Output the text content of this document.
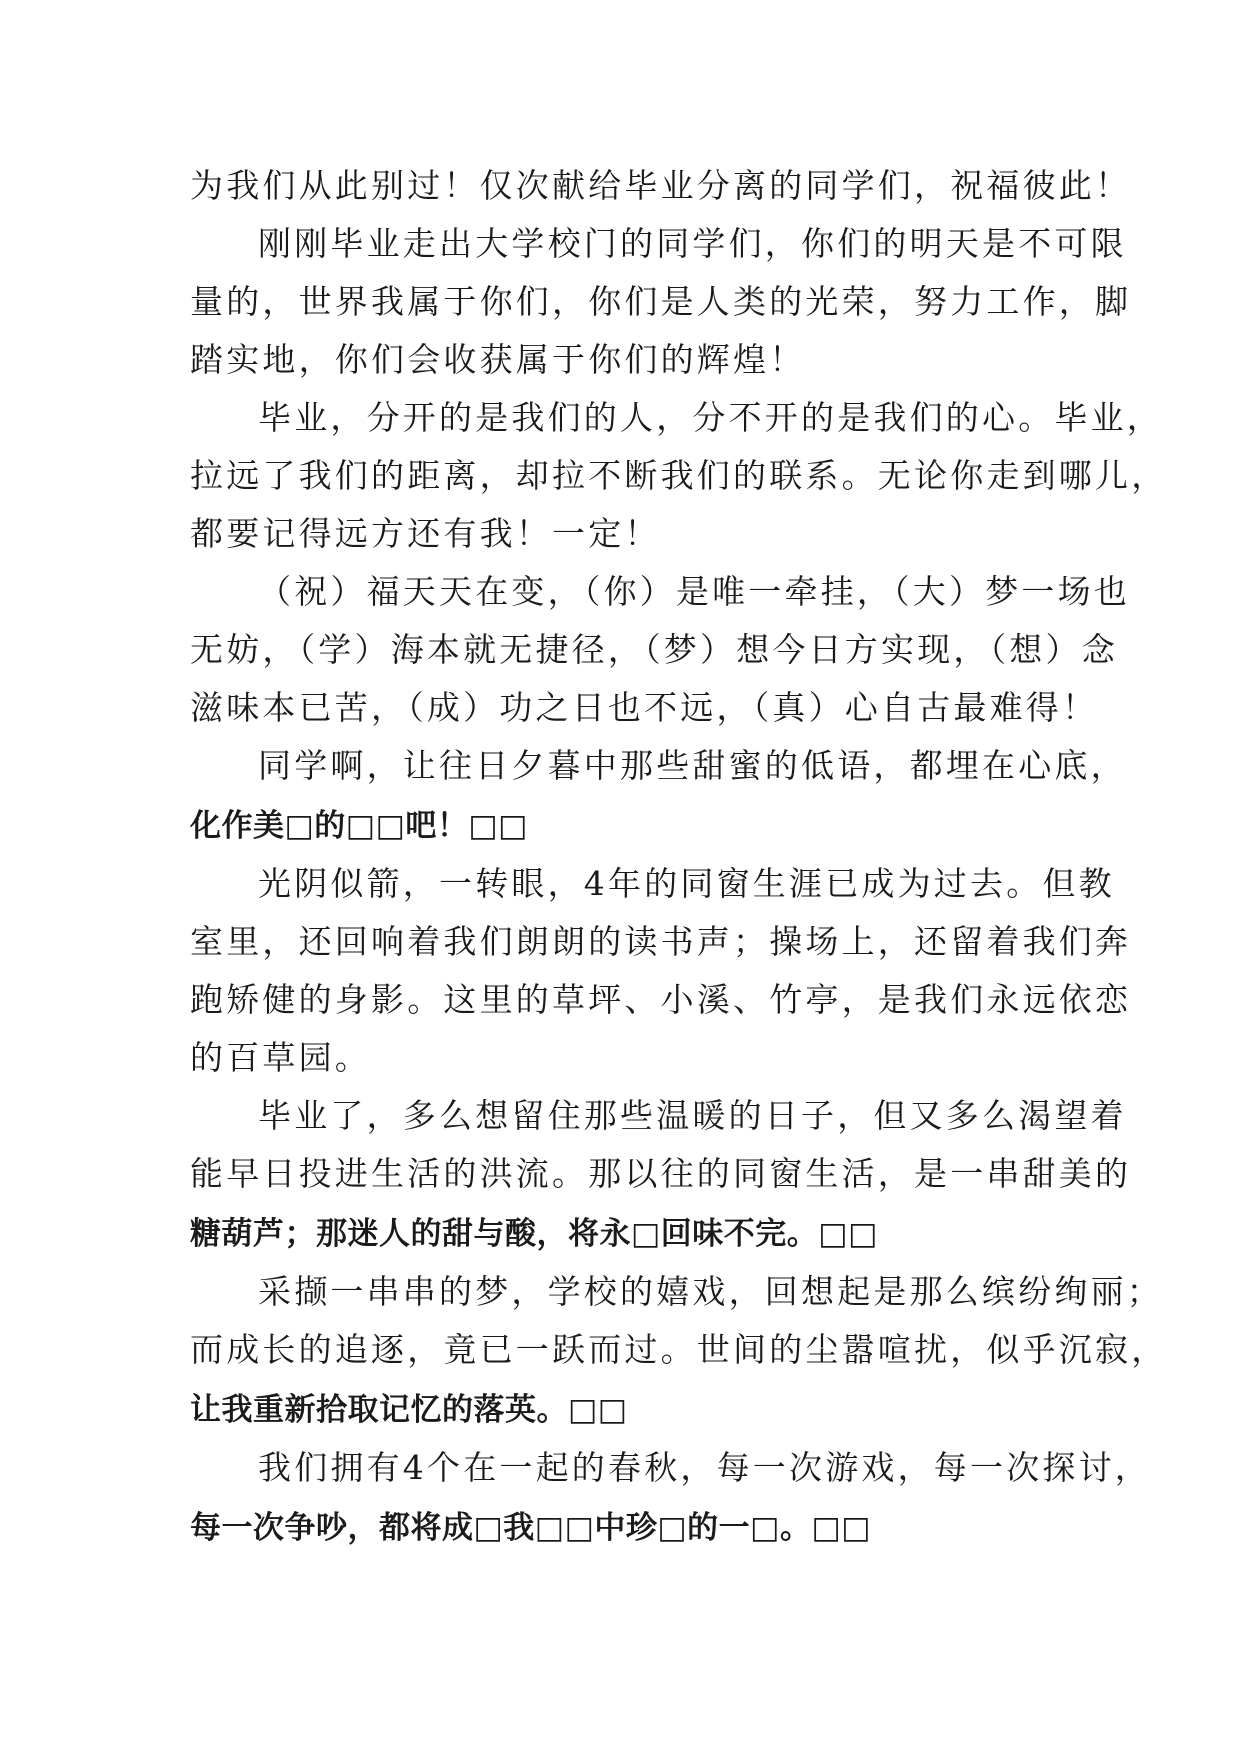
为我们从此别过！仅次献给毕业分离的同学们，祝福彼此！
刚刚毕业走出大学校门的同学们，你们的明天是不可限
量的，世界我属于你们，你们是人类的光荣，努力工作，脚
踏实地，你们会收获属于你们的辉煌！
毕业，分开的是我们的人，分不开的是我们的心。毕业，
拉远了我们的距离，却拉不断我们的联系。无论你走到哪儿，
都要记得远方还有我！一定！
（祝）福天天在变，（你）是唯一牵挂，（大）梦一场也
无妨，（学）海本就无捷径，（梦）想今日方实现，（想）念
滋味本已苦，（成）功之日也不远，（真）心自古最难得！
同学啊，让往日夕暮中那些甜蜜的低语，都埋在心底，
化作美□的□□吧！□□
光阴似箭，一转眼，4年的同窗生涯已成为过去。但教
室里，还回响着我们朗朗的读书声；操场上，还留着我们奔
跑矫健的身影。这里的草坪、小溪、竹亭，是我们永远依恋
的百草园。
毕业了，多么想留住那些温暖的日子，但又多么渴望着
能早日投进生活的洪流。那以往的同窗生活，是一串甜美的
糖葫芦；那迷人的甜与酸，将永□回味不完。□□
采撷一串串的梦，学校的嬉戏，回想起是那么缤纷绚丽；
而成长的追逐，竟已一跃而过。世间的尘嚣喧扰，似乎沉寂，
让我重新拾取记忆的落英。□□
我们拥有4个在一起的春秋，每一次游戏，每一次探讨，
每一次争吵，都将成□我□□中珍□的一□。□□
